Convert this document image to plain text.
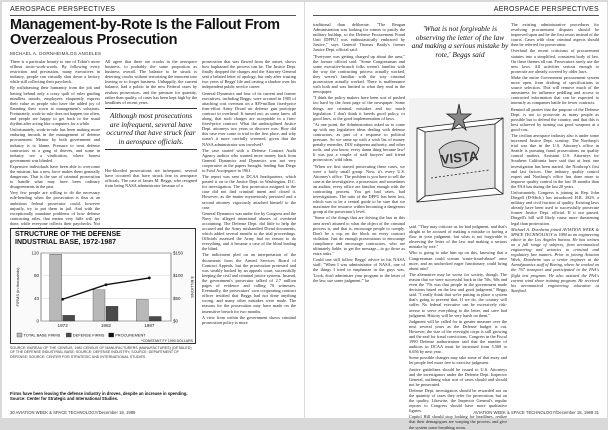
AEROSPACE PERSPECTIVES
Management-by-Rote Is the Fallout From Overzealous Prosecution
MICHAEL A. DORNHEIM/LOS ANGELES

There is a particular beauty to one of Tobin's more offbeat tactic-work-words. By following every restriction and precaution, many executives in industry, people can virtually shut down a factory while still collecting their paycheck.

By withdrawing their humanity from the job and having behind only a crazy quilt of rules guiding mindless moods, employees eloquently express their value as people who have the added joy of flaunting their scorn at management's solutions. Fortunately, work-to-rule does not happen too often, and people are happy to get back to the usual rhythm after acting like computers for a while.

Unfortunately, work-to-rule has been making more enduring inroads in the management of defense procurement. Mentor by both government and industry is to blame. Pressure to treat defense contractors as a gang of thieves, and some in industry see a vindication, where honest government was blinded.

Expensive individuals have been able to overcome the mistrust, but a new force makes them generally dangerous. That is the use of criminal prosecution to handle what may have been ordinary disagreements in the past.

Very few people are willing to do the necessary rule-bending when the prosecution is thus at an ambitious federal prosecutor could, however unjustly, try to put them in jail. And with the exceptionally mundane problems of how defense contracting rules, that means very little will get done, while everyone collects their paychecks. Not

All agree that there are crooks in the aerospace business, to probably the same proportion as business overall. The balance to be struck is deterring crooks without terrorizing the innocent into leaving or to forget business. Unhappily, the current balance, had a politic in the new Federal cases by zealous prosecutors, and the pressure for quantity, rather than quality, of cases has been kept high by the headlines of recent years.

Although most prosecutions are infrequent, several have occurred that have struck fear in aerospace officials.

Hot-blooded prosecutions are infrequent, several have occurred that have struck fear in aerospace officials. The case of James M. Beggs, who resigned from being NASA administrator because of a

prosecution that was flawed from the outset, shows how haphazard the process can be. The Justice Dept. finally dropped the charges and the Attorney General sent a belated letter of apology, but only after wasting two years of Beggs' life and casting a shadow over his independent public service career.

General Dynamics and four of its current and former executives, including Beggs, were accused in 1985 of attaching cost overruns on a $39-million fixed-price firm-effort Army Divad air defense gun prototype contract to overhead. It turned out, as some knew all along, that such charges are acceptable in a firm-fixed-price contract. What the undisciplined Justice Dept. attorneys two years to discover was: How did this case ever come to trial in the first place, and why wasn't it more carefully screened, given that the NASA administrator was involved?

The case started with a Defense Contract Audit Agency auditor who wanted more money back from General Dynamics and Dynamics was not very cooperative in the papers brought, leading San Diego to Fowl Acropspace in 1961.

The report was sent to DCAA headquarters, which passed it on to the Justice Dept. in Washington, D.C. for investigation. The first prosecutor assigned to the case did not find criminal intent and closed it. However, as the matter mysteriously persisted and a second attorney vigorously attached himself to the case.

General Dynamics was under fire by Congress and the Navy for alleged intentional abuses of overhead accounting. The Defense Dept. did little to help the accused and the Army mishandled Divad documents, which added several months to the trial proceedings. Officials assessed the Army had no reason to do everything, and it became a case of the blind leading the blind.

The indictment pled on an interpretation of the documents from the Armed Services Board of Contract Appeals, but the prosecution protested and was weakly backed by an appeals court, successfully keeping the civil and criminal justice systems. Instead, the government's prosecutor talked of 2.7 million pages of evidence and calling 70 witnesses. Eventually, the prosecutors' own cooperating contract officer testified that Beggs had not done anything wrong, and many other mistakes were made. The reasons for the prosecution may have made on the insensitive breach for two months.

A view from within the government shows criminal prosecution policy is more

STRUCTURE OF THE DEFENSE
INDUSTRIAL BASE, 1972-1987
0
40
80
120
$0
$50
$100
$150
FIRMS (in thousands)	$ BILLIONS
1972	1982	1987
TOTAL BASE FIRMS	DEFENSE FIRMS	PROCUREMENT
*CONSTANT FY 1990 DOLLARS
SOURCE: BUREAU OF THE CENSUS, 1982 CENSUS OF MANUFACTURERS (MANUFACTURES) (DETAILED) OF THE DEFENSE INDUSTRIAL BASE; SOURCE: DEFENSE INDUSTRY; SOURCE: DEPARTMENT OF DEFENSE; SOURCE: CENTER FOR STRATEGIC AND INTERNATIONAL STUDIES
Firms have been leaving the defense industry in droves, despite an increase in spending. Source: Center for Strategic and International Studies.
30 AVIATION WEEK & SPACE TECHNOLOGY/December 18, 1989
AEROSPACE PERSPECTIVES
'What is not forgivable is observing the letter of the law and making a serious mistake by rote,' Beggs said
VISTA

traditional than deliberate. "The Reagan Administration was looking for crimes to justify the military buildup, so the Defense Procurement Fraud Unit [DPFU] was enthusiastically embraced by Justice," says General Thomas Brady's former Justice Dept. official said.

"Everyone was getting charged up about the area," the former official said. "Some Congressman and some executive-branch folks weren't familiar with the way the contracting process actually worked, they weren't familiar with the way criminal prosecution actually worked. There is malfeasance with both and was limited to what they read in the newspaper.

"I think the policy makers have been sort of pushed too hard by the front page of the newspaper. Some things are criminal, mistakes and too much legislation. I don't think it breeds good policy, or good laws, or the good implementation of laws.

"At one point, the Administration asked us to come up with any legislative ideas dealing with defense contractors, as part of a response to political pressure. So we came up with a wish list of money penalty remedies, DOJ subpoena authority, and other tools, and you know, every damn thing became law! It was just a couple of staff lawyers' and friend prosecutors' wild ideas.

"When we first started prosecuting these cases, we were a fairly small group. Now, it's every U.S. Attorney's office. The problem is you have to sell the case at the investigative, a prosecutor, and sometimes an auditor, every office are familiar enough with the contracting process. You get bad cases, bad investigations. The ratio of the DPFU has been lost, which was to be a central guide to be sure that we maximize the resource within becoming a dangerous group at the prosecutor's level.

"Some of the things that are driving the bus in this area aren't attuned to what the object of the criminal process is, and that is, encourage people to comply. Don't be a cop on the block on every contract violation. Just do enough prosecutions to encourage compliance and encourage contractors, who are ultimately liable, to get the message—to go those as extra tasks."

Could one still follow Beggs' advice in his NASA staff: "When I was administrator of NASA, one of the things I tried to emphasize in the guys was, 'Look, don't administer your program to the letter of the law, use some judgment,'" he

said. "They may criticize us for bad judgment, and that's alright to be accused of making a mistake or having a flaw in your judgment, but what is not forgivable is observing the letter of the law and making a serious mistake by rote."

Who is going to take him up on this, knowing that a Congressman could scream 'waste-fraud-abuse!' once more, and an unchecked eager functionary could bring about ruin?

The alternative may be worse for society, though. The reason that we were successful back in the '50s, '60s and even the '70s was that people in the government made decisions based on the law and good judgment," Beggs said. "I really think that we're putting in place a system that's going to prevent that. If we do, the country will suffer. No federal executive can be excessively risk-averse to serve everything to the letter, and save bad judgment. History will be very harsh on them."

Judgment will be called for in greater measure over the next several years as the Defense budget is cut. However, the size of the oversight corps is still growing and the zeal for fraud convictions. Congress in the Fiscal 1990 Defense authorization said that the number of auditors in DCAA must be increased from 5,568 to 6,656 by next year.

Some possible changes may take some of that away and let people feel more free to exercise judgment.

Justice guidelines should be issued to U.S. Attorneys and the investigators under the Defense Dept. Inspector General, outlining what sort of cases should and should not be prosecuted.

Defense Dept. investigators should be rewarded not on the quantity of cases they refer for prosecution, but on the quality. Likewise, the Inspector General's regular reports to Congress should have more qualitative figures.

Capitol Hill should stop looking for headlines, realize that their demagogues are warping the process, and give the system some breathing room.

The existing administrative procedures for resolving procurement disputes should be improved upon and be the first resort instead of the courts. Cases with clear criminal aspects should then be referred for prosecution.

Overhaul the recent criticisms of procurement statutes into a simplified, consistent body of law. On these themes all can. Prosecutors rarely use the new laws. All activities serious enough to prosecute are already covered by older laws.

Make the entire Government procurement system more open, from drafting of specifications to source selection. This will remove much of the uneasiness for influence peddling and access to contracted information that can be expected to intensify as companies battle for fewer contracts.

Remind all parties that the purpose of the Defense Dept. is not to prosecute as many people as possible but to defend the country, and that this is best achieved by turning out good weapons at a good cost.

The civilian aerospace industry also is under some increased Justice Dept. scrutiny. The Northrop's trial was due in the U.S. Attorney's office in Seattle is pursuing fraud prosecutions on quality control matters. Assistant U.S. Attorneys for Southern California have said that at least one investigation has been started. the Northrop's first and last factors. One industry quality control expert and Northrop's office has done more to improve quality control in the last 18 months than the FAA has during the last 20 years.

Unfortunately, Congress is joining in. Rep. John Dingell (D-Mich.) has introduced H.R. 2829, a military and civil fraction of quality. Existing laws already have been used to successfully prosecute former Justice Dept. official. If it not passed, Dingell's bill will likely cause more threatening legal than prosecution.

Michael A. Dornheim joined AVIATION WEEK & SPACE TECHNOLOGY in 1984 as an engineering editor in the Los Angeles bureau. He has written on a full range of subjects, from aeronautical engineering and avionics to criminal and regulatory law matters. Prior to joining Aviation Week, Dornheim was a senior engineer at the Aerodynamics staff of Boeing, where he worked on the 767 transport and participated in the FAA's flight test program. He also assisted the FAA's current wind shear training program. He received his aeronautical engineering education at Stanford.

AVIATION WEEK & SPACE TECHNOLOGY/December 18, 1989 31
